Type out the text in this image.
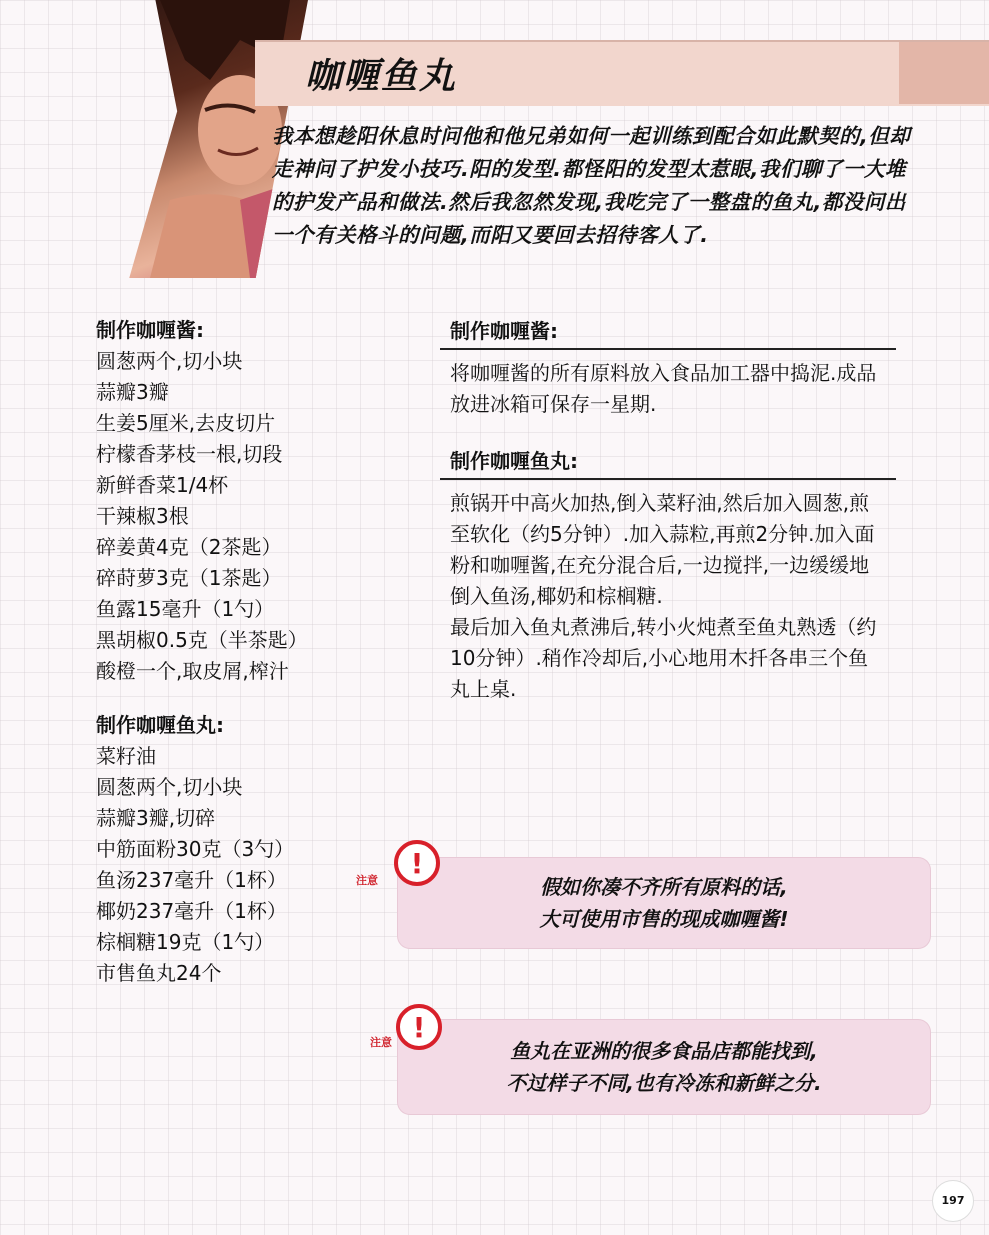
咖喱鱼丸
我本想趁阳休息时问他和他兄弟如何一起训练到配合如此默契的,但却走神问了护发小技巧.阳的发型.都怪阳的发型太惹眼,我们聊了一大堆的护发产品和做法.然后我忽然发现,我吃完了一整盘的鱼丸,都没问出一个有关格斗的问题,而阳又要回去招待客人了.
制作咖喱酱:
圆葱两个,切小块
蒜瓣3瓣
生姜5厘米,去皮切片
柠檬香茅枝一根,切段
新鲜香菜1/4杯
干辣椒3根
碎姜黄4克（2茶匙）
碎莳萝3克（1茶匙）
鱼露15毫升（1勺）
黑胡椒0.5克（半茶匙）
酸橙一个,取皮屑,榨汁
制作咖喱鱼丸:
菜籽油
圆葱两个,切小块
蒜瓣3瓣,切碎
中筋面粉30克（3勺）
鱼汤237毫升（1杯）
椰奶237毫升（1杯）
棕榈糖19克（1勺）
市售鱼丸24个
制作咖喱酱:
将咖喱酱的所有原料放入食品加工器中捣泥.成品放进冰箱可保存一星期.
制作咖喱鱼丸:
煎锅开中高火加热,倒入菜籽油,然后加入圆葱,煎至软化（约5分钟）.加入蒜粒,再煎2分钟.加入面粉和咖喱酱,在充分混合后,一边搅拌,一边缓缓地倒入鱼汤,椰奶和棕榈糖.
最后加入鱼丸煮沸后,转小火炖煮至鱼丸熟透（约10分钟）.稍作冷却后,小心地用木扦各串三个鱼丸上桌.
假如你凑不齐所有原料的话,
大可使用市售的现成咖喱酱!
注意
!
鱼丸在亚洲的很多食品店都能找到,
不过样子不同,也有冷冻和新鲜之分.
注意 !
197
